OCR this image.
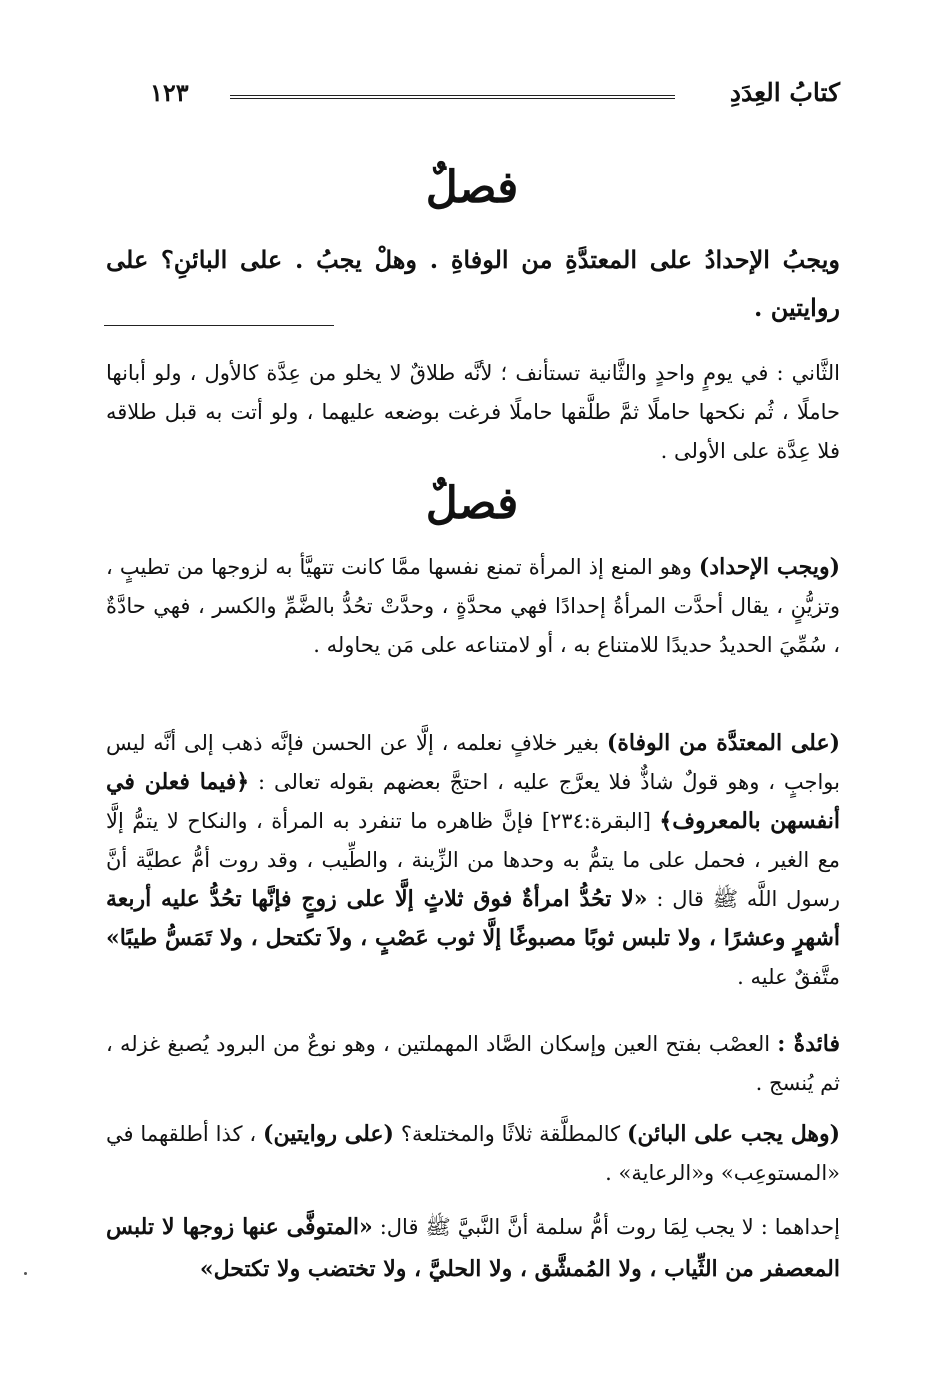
كتابُ العِدَدِ
١٢٣
فصلٌ
ويجبُ الإحدادُ على المعتدَّةِ من الوفاةِ . وهلْ يجبُ . على البائنِ؟ على روايتين .
الثَّاني : في يومٍ واحدٍ والثَّانية تستأنف ؛ لأنَّه طلاقٌ لا يخلو من عِدَّة كالأول ، ولو أبانها حاملًا ، ثُم نكحها حاملًا ثمَّ طلَّقها حاملًا فرغت بوضعه عليهما ، ولو أتت به قبل طلاقه فلا عِدَّة على الأولى .
فصلٌ
(ويجب الإحداد) وهو المنع إذ المرأة تمنع نفسها ممَّا كانت تتهيَّأ به لزوجها من تطيبٍ ، وتزيُّنٍ ، يقال أحدَّت المرأةُ إحدادًا فهي محدَّةٍ ، وحدَّتْ تحُدُّ بالضَّمِّ والكسر ، فهي حادَّةٌ ، سُمِّيَ الحديدُ حديدًا للامتناع به ، أو لامتناعه على مَن يحاوله .
(على المعتدَّة من الوفاة) بغير خلافٍ نعلمه ، إلَّا عن الحسن فإنَّه ذهب إلى أنَّه ليس بواجبٍ ، وهو قولٌ شاذٌّ فلا يعرَّج عليه ، احتجَّ بعضهم بقوله تعالى : ﴿فيما فعلن في أنفسهن بالمعروف﴾ [البقرة:٢٣٤] فإنَّ ظاهره ما تنفرد به المرأة ، والنكاح لا يتمُّ إلَّا مع الغير ، فحمل على ما يتمُّ به وحدها من الزِّينة ، والطِّيب ، وقد روت أمُّ عطيَّة أنَّ رسول اللَّه ﷺ قال : «لا تحُدُّ امرأةٌ فوق ثلاثٍ إلَّا على زوجٍ فإنَّها تحُدُّ عليه أربعة أشهرٍ وعشرًا ، ولا تلبس ثوبًا مصبوغًا إلَّا ثوب عَصْبٍ ، ولاَ تكتحل ، ولا تَمَسُّ طيبًا» متَّفقٌ عليه .
فائدةٌ : العصْب بفتح العين وإسكان الصَّاد المهملتين ، وهو نوعٌ من البرود يُصبغ غزله ، ثم يُنسج .
(وهل يجب على البائن) كالمطلَّقة ثلاثًا والمختلعة؟ (على روايتين) ، كذا أطلقهما في «المستوعِب» و«الرعاية» .
إحداهما : لا يجب لِمَا روت أمُّ سلمة أنَّ النَّبيَّ ﷺ قال: «المتوفَّى عنها زوجها لا تلبس المعصفر من الثِّياب ، ولا المُمشَّق ، ولا الحليَّ ، ولا تختضب ولا تكتحل»
